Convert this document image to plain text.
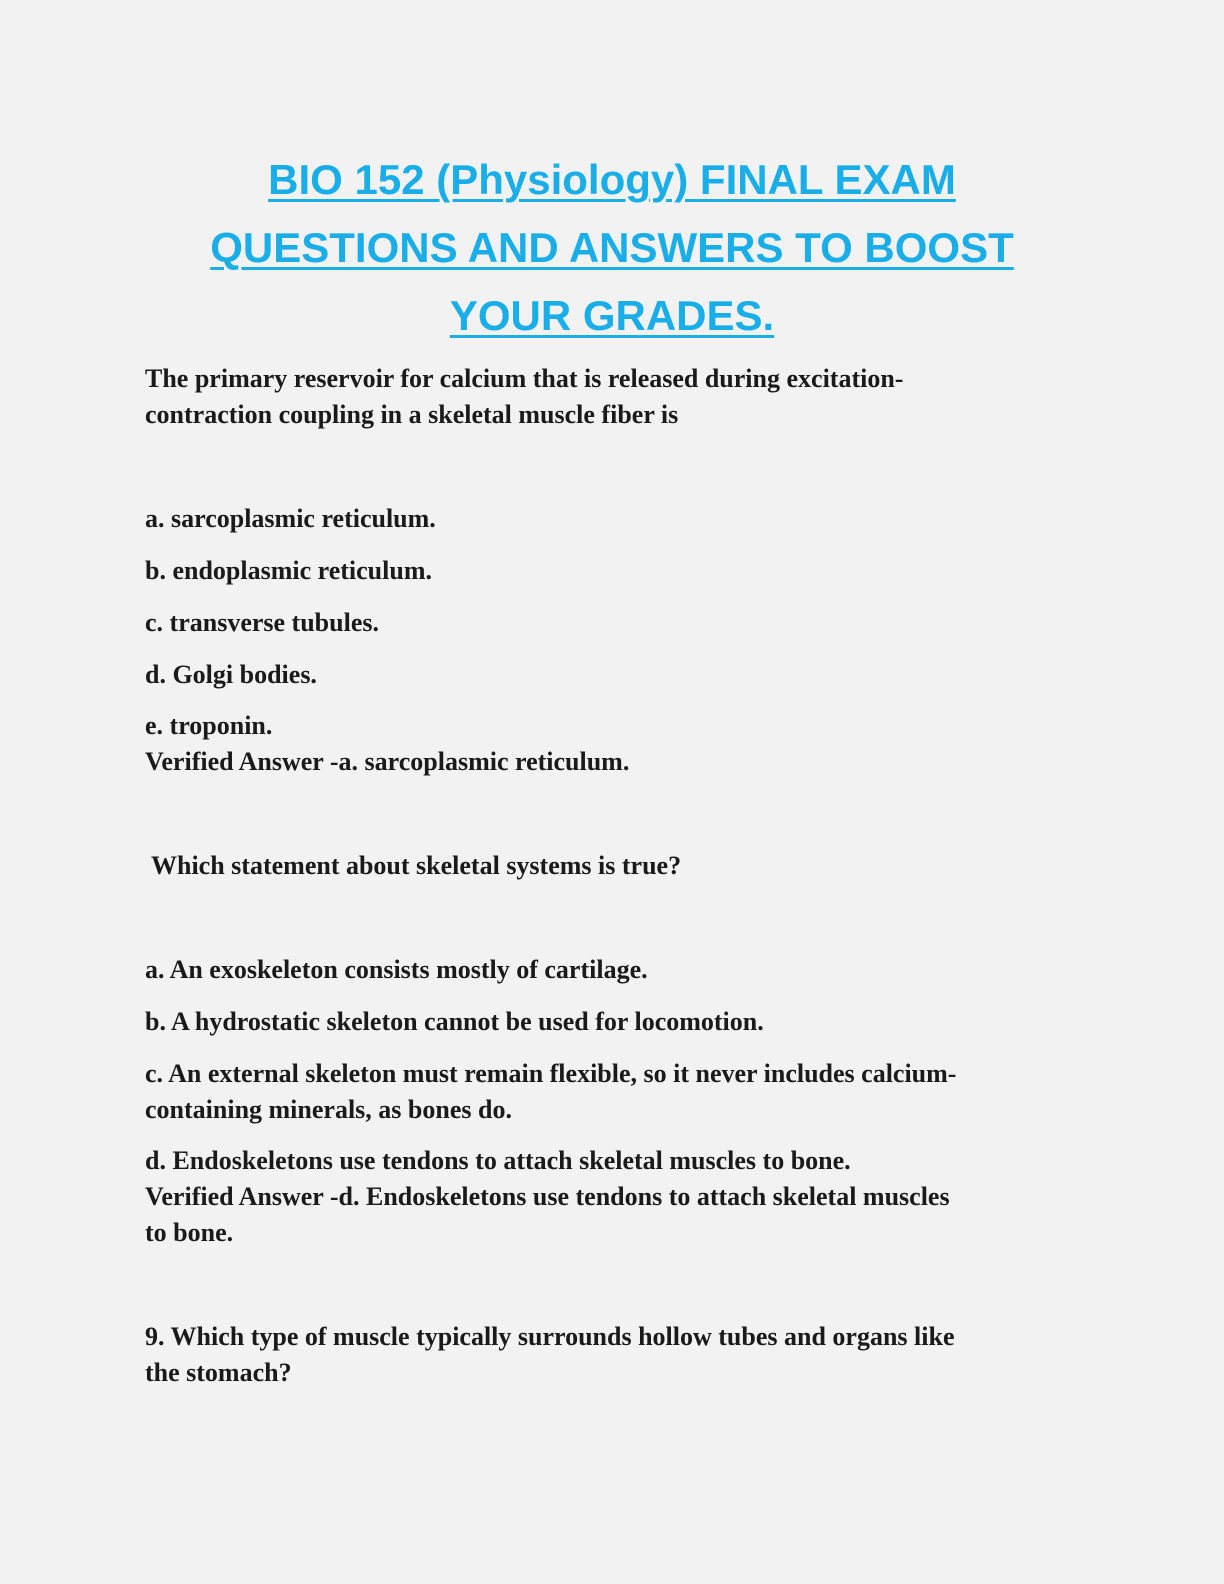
BIO 152 (Physiology) FINAL EXAM
QUESTIONS AND ANSWERS TO BOOST
YOUR GRADES.

The primary reservoir for calcium that is released during excitation-
contraction coupling in a skeletal muscle fiber is

a. sarcoplasmic reticulum.

b. endoplasmic reticulum.

c. transverse tubules.

d. Golgi bodies.

e. troponin.

Verified Answer -a. sarcoplasmic reticulum.

Which statement about skeletal systems is true?

a. An exoskeleton consists mostly of cartilage.

b. A hydrostatic skeleton cannot be used for locomotion.

c. An external skeleton must remain flexible, so it never includes calcium-
containing minerals, as bones do.

d. Endoskeletons use tendons to attach skeletal muscles to bone.

Verified Answer -d. Endoskeletons use tendons to attach skeletal muscles
to bone.

9. Which type of muscle typically surrounds hollow tubes and organs like
the stomach?
